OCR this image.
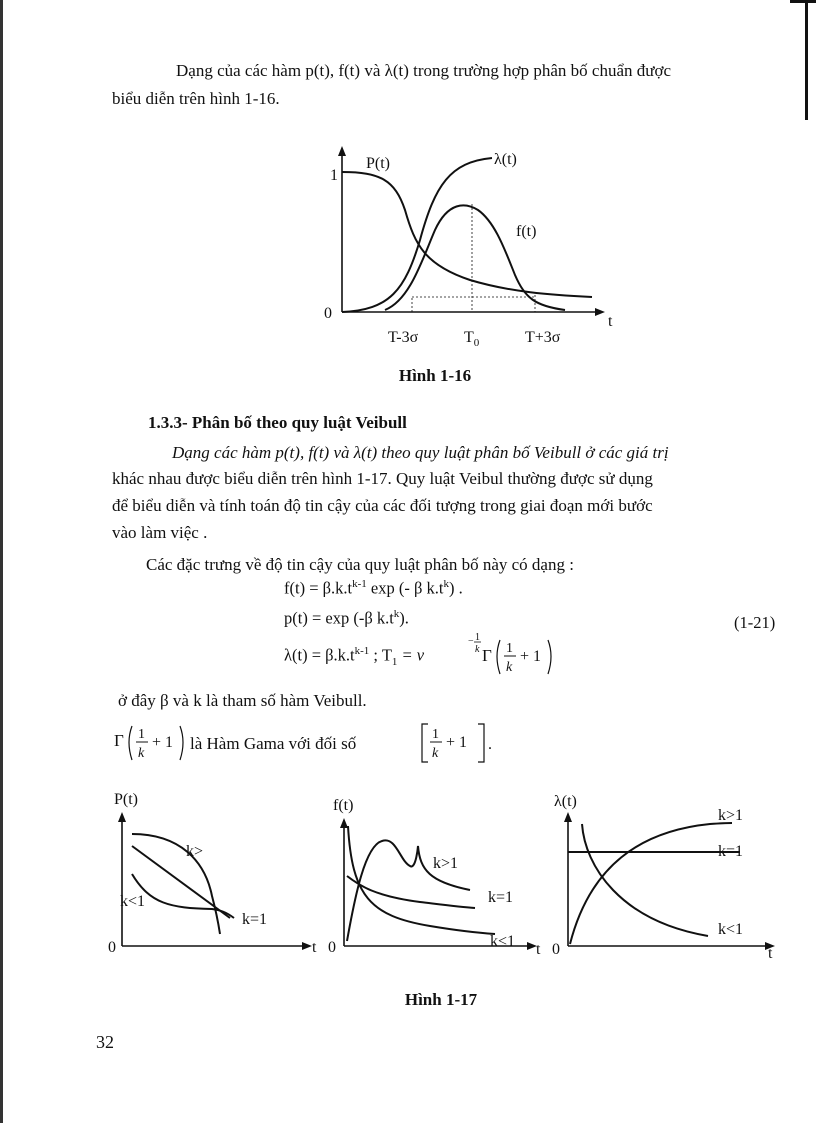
Dạng của các hàm p(t), f(t) và λ(t) trong trường hợp phân bố chuẩn được
biểu diễn trên hình 1-16.
P(t)	λ(t)
f(t)
1
0	t
T-3σ	$T_0$	T+3σ
Hình 1-16
1.3.3- Phân bố theo quy luật Veibull
Dạng các hàm p(t), f(t) và λ(t) theo quy luật phân bố Veibull ở các giá trị
khác nhau được biểu diễn trên hình 1-17. Quy luật Veibul thường được sử dụng
để biểu diễn và tính toán độ tin cậy của các đối tượng trong giai đoạn mới bước
vào làm việc .
Các đặc trưng về độ tin cậy của quy luật phân bố này có dạng :
$f(t) = \beta.k.t^{k-1}$ exp (- β $k.t^k$) .
p(t) = exp (-β $k.t^k$).	(1-21)
$\lambda(t) = \beta.k.t^{k-1}$ ; $T_1 = \nu$
− 1
k Γ 1
k
+ 1
ở đây β và k là tham số hàm Veibull.
Γ 1
k
+ 1 là Hàm Gama với đối số	1
k
+ 1 .
P(t)
0	t
k>
k<1
k=1
f(t)
0	t
k>1
k=1
k<1
λ(t)
0	t
k>1
k=1
k<1
Hình 1-17
32
